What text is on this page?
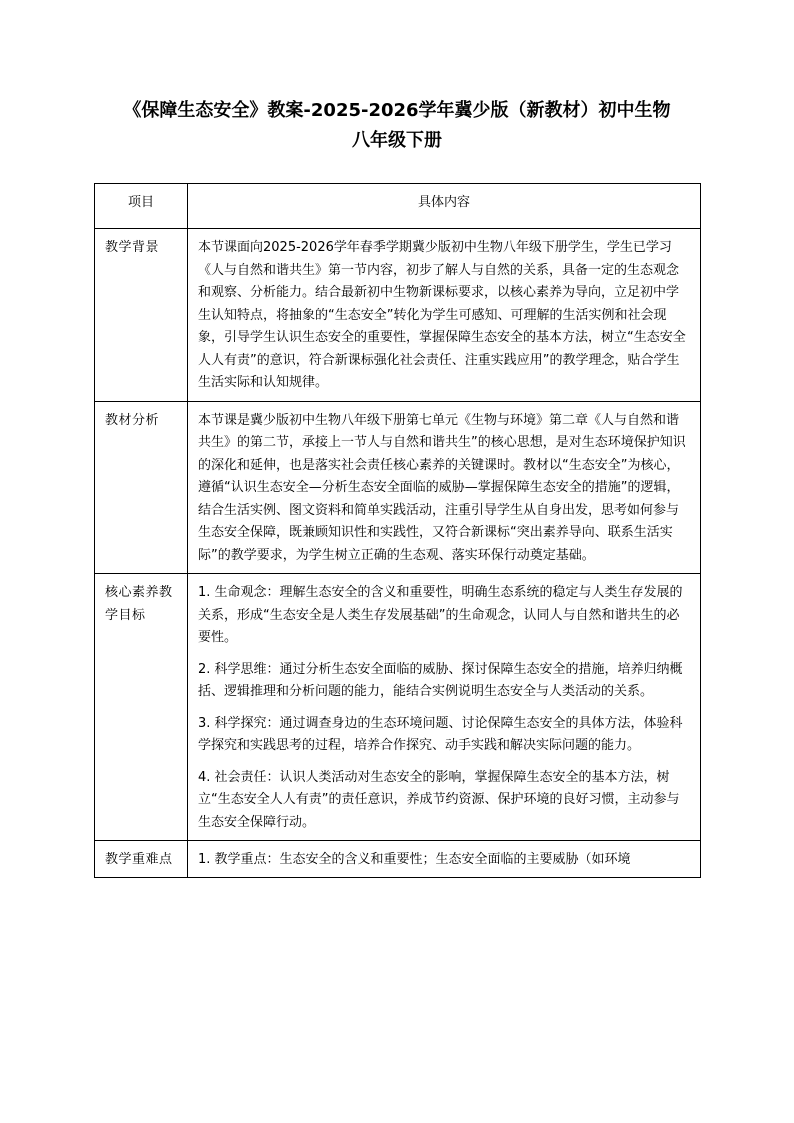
《保障生态安全》教案-2025-2026学年冀少版（新教材）初中生物
八年级下册
项目	具体内容
教学背景	本节课面向2025-2026学年春季学期冀少版初中生物八年级下册学生，学生已学习《人与自然和谐共生》第一节内容，初步了解人与自然的关系，具备一定的生态观念和观察、分析能力。结合最新初中生物新课标要求，以核心素养为导向，立足初中学生认知特点，将抽象的“生态安全”转化为学生可感知、可理解的生活实例和社会现象，引导学生认识生态安全的重要性，掌握保障生态安全的基本方法，树立“生态安全人人有责”的意识，符合新课标强化社会责任、注重实践应用”的教学理念，贴合学生生活实际和认知规律。

教材分析	本节课是冀少版初中生物八年级下册第七单元《生物与环境》第二章《人与自然和谐共生》的第二节，承接上一节人与自然和谐共生”的核心思想，是对生态环境保护知识的深化和延伸，也是落实社会责任核心素养的关键课时。教材以“生态安全”为核心，遵循“认识生态安全—分析生态安全面临的威胁—掌握保障生态安全的措施”的逻辑，结合生活实例、图文资料和简单实践活动，注重引导学生从自身出发，思考如何参与生态安全保障，既兼顾知识性和实践性，又符合新课标“突出素养导向、联系生活实际”的教学要求，为学生树立正确的生态观、落实环保行动奠定基础。

核心素养教学目标	1. 生命观念：理解生态安全的含义和重要性，明确生态系统的稳定与人类生存发展的关系，形成“生态安全是人类生存发展基础”的生命观念，认同人与自然和谐共生的必要性。

2. 科学思维：通过分析生态安全面临的威胁、探讨保障生态安全的措施，培养归纳概括、逻辑推理和分析问题的能力，能结合实例说明生态安全与人类活动的关系。

3. 科学探究：通过调查身边的生态环境问题、讨论保障生态安全的具体方法，体验科学探究和实践思考的过程，培养合作探究、动手实践和解决实际问题的能力。

4. 社会责任：认识人类活动对生态安全的影响，掌握保障生态安全的基本方法，树立“生态安全人人有责”的责任意识，养成节约资源、保护环境的良好习惯，主动参与生态安全保障行动。

教学重难点	1. 教学重点：生态安全的含义和重要性；生态安全面临的主要威胁（如环境
